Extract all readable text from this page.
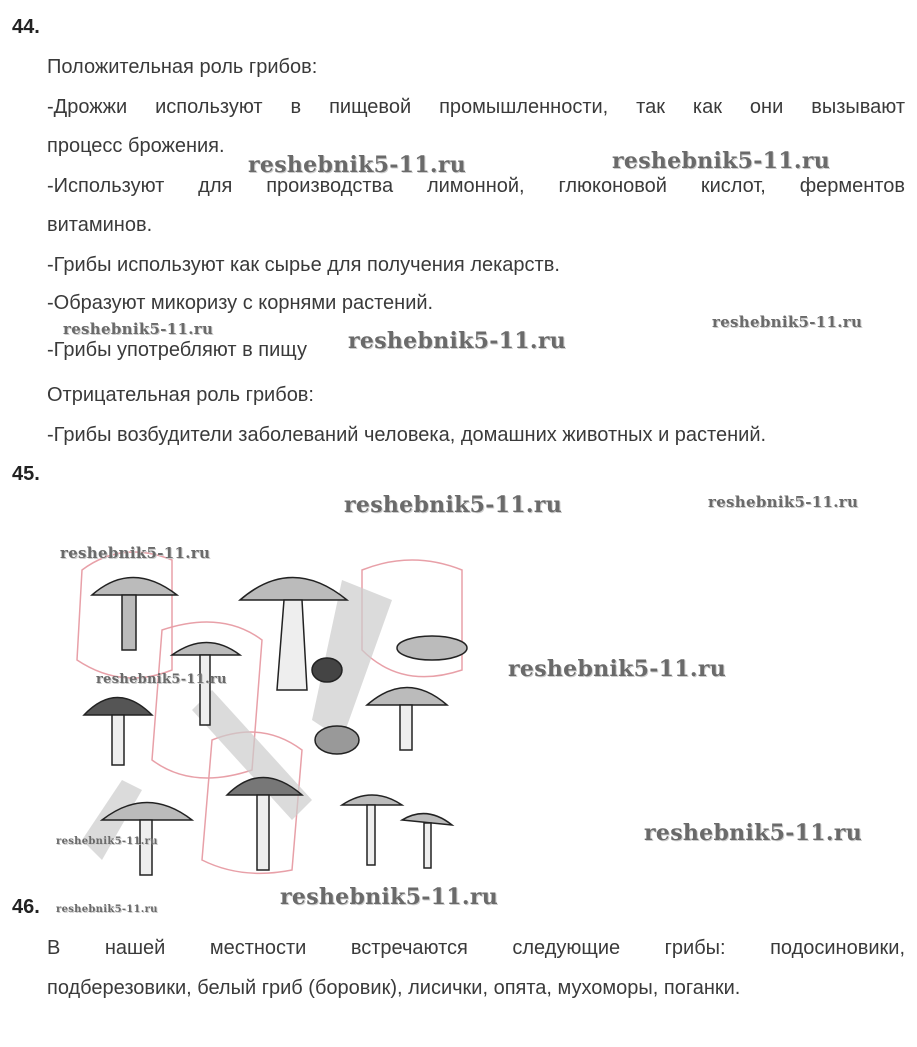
44.
Положительная роль грибов:
-Дрожжи используют в пищевой промышленности, так как они вызывают
процесс брожения.
-Используют для производства лимонной, глюконовой кислот, ферментов
витаминов.
-Грибы используют как сырье для получения лекарств.
-Образуют микоризу с корнями растений.
-Грибы употребляют в пищу
Отрицательная роль грибов:
-Грибы возбудители заболеваний человека, домашних животных и растений.
45.
46.
В нашей местности встречаются следующие грибы: подосиновики,
подберезовики, белый гриб (боровик), лисички, опята, мухоморы, поганки.
reshebnik5-11.ru	reshebnik5-11.ru
reshebnik5-11.ru	reshebnik5-11.ru
reshebnik5-11.ru
reshebnik5-11.ru	reshebnik5-11.ru
reshebnik5-11.ru
reshebnik5-11.ru
reshebnik5-11.ru
reshebnik5-11.ru
reshebnik5-11.ru
reshebnik5-11.ru
reshebnik5-11.ru
